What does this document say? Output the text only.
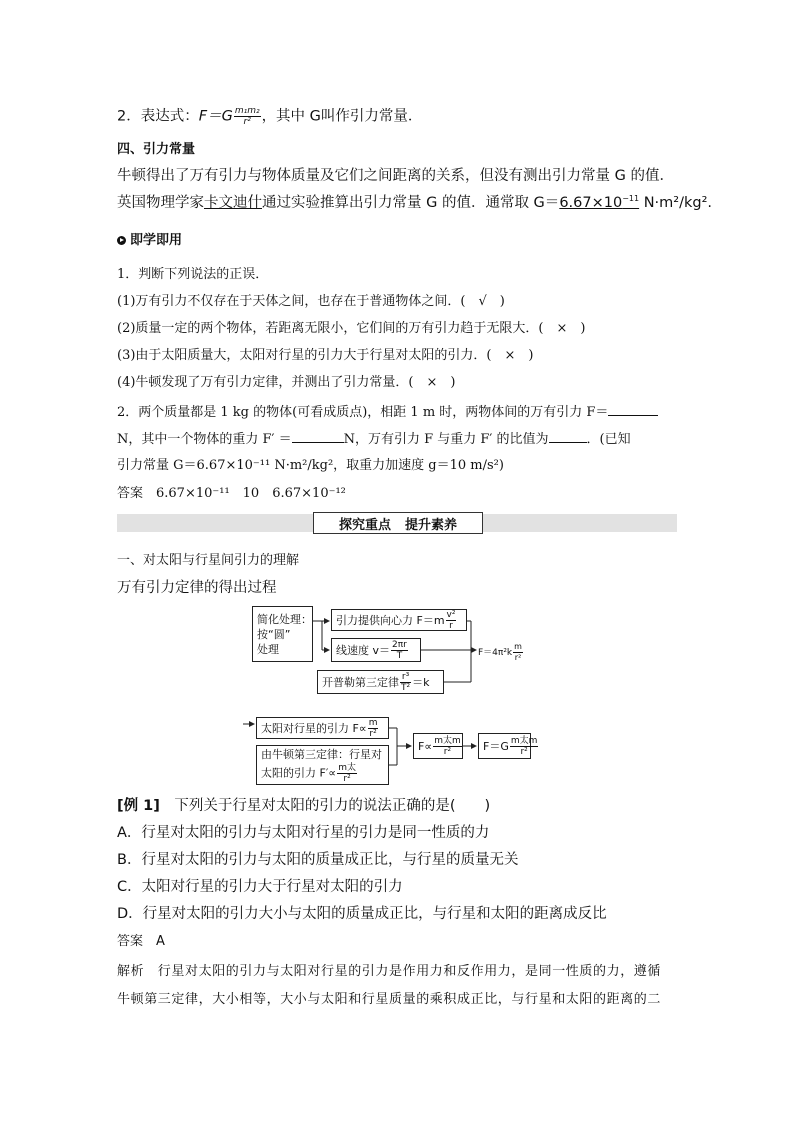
2．表达式：$F=G \frac{\text{m₁m₂}}{\text{r²}}$ ，其中 G叫作引力常量．
四、引力常量
牛顿得出了万有引力与物体质量及它们之间距离的关系，但没有测出引力常量 G 的值．
英国物理学家卡文迪什通过实验推算出引力常量 G 的值．通常取 $G=6.67\times 10^{-11}$ N·m²/kg².
即学即用
1．判断下列说法的正误．
(1)万有引力不仅存在于天体之间，也存在于普通物体之间．(　√　)
(2)质量一定的两个物体，若距离无限小，它们间的万有引力趋于无限大．(　×　)
(3)由于太阳质量大，太阳对行星的引力大于行星对太阳的引力．(　×　)
(4)牛顿发现了万有引力定律，并测出了引力常量．(　×　)
2．两个质量都是 1 kg 的物体(可看成质点)，相距 1 m 时，两物体间的万有引力 F＝
N，其中一个物体的重力 F′ ＝	N，万有引力 F 与重力 F′ 的比值为	．(已知
引力常量 G＝6.67×10⁻¹¹ N·m²/kg²，取重力加速度 g＝10 m/s²)
答案　6.67×10⁻¹¹　10　6.67×10⁻¹²
探究重点 提升素养
一、对太阳与行星间引力的理解
万有引力定律的得出过程
简化处理：
按“圆”
处理
引力提供向心力 $F=m \frac{\text{v²}}{r}$
线速度 $v= \frac{2\pi r}{T}$
开普勒第三定律 $\frac{\text{r³}}{\text{T²}} =k$
$F=4\pi^2k \frac{m}{\text{r²}}$
太阳对行星的引力 $F\propto \frac{m}{\text{r²}}$
由牛顿第三定律：行星对
太阳的引力 $F'\propto \frac{\text{m太}}{\text{r²}}$
$F\propto \frac{\text{m太m}}{\text{r²}} F=G \frac{\text{m太m}}{\text{r²}}$
[例 1]　下列关于行星对太阳的引力的说法正确的是(　　)
A．行星对太阳的引力与太阳对行星的引力是同一性质的力
B．行星对太阳的引力与太阳的质量成正比，与行星的质量无关
C．太阳对行星的引力大于行星对太阳的引力
D．行星对太阳的引力大小与太阳的质量成正比，与行星和太阳的距离成反比
答案　A
解析　行星对太阳的引力与太阳对行星的引力是作用力和反作用力，是同一性质的力，遵循
牛顿第三定律，大小相等，大小与太阳和行星质量的乘积成正比，与行星和太阳的距离的二
